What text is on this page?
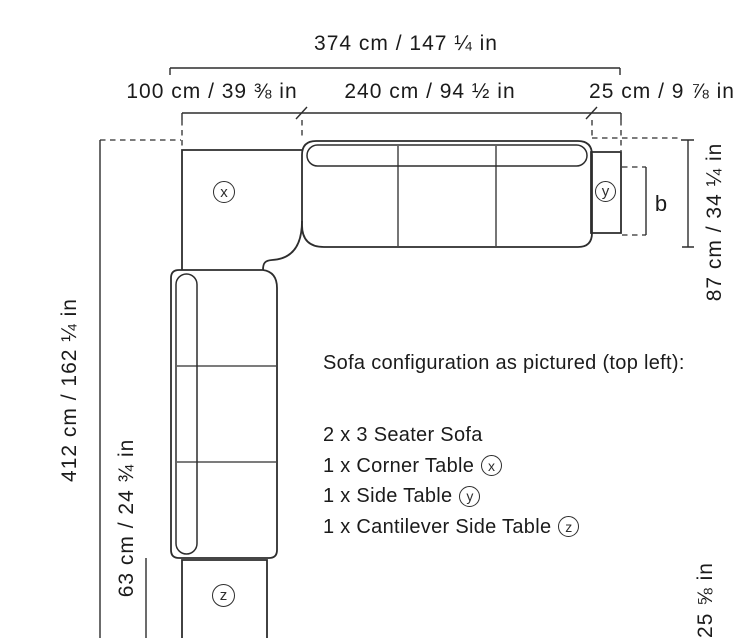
374 cm / 147 ¼ in
100 cm / 39 ⅜ in 240 cm / 94 ½ in	25 cm / 9 ⅞ in
412 cm / 162 ¼ in
63 cm / 24 ¾ in
87 cm / 34 ¼ in
25 ⅝ in
b
x	y
z
Sofa configuration as pictured (top left):
2 x 3 Seater Sofa
1 x Corner Table x
1 x Side Table y
1 x Cantilever Side Table z
